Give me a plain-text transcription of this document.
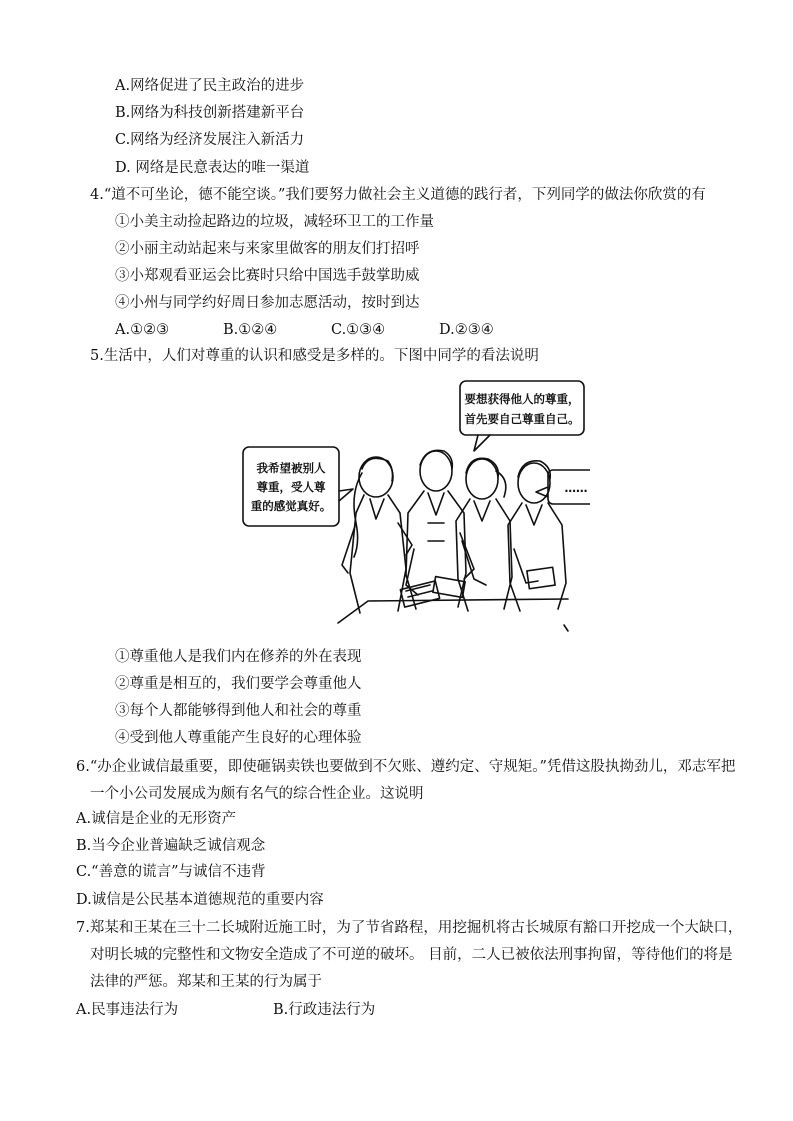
A.网络促进了民主政治的进步
B.网络为科技创新搭建新平台
C.网络为经济发展注入新活力
D. 网络是民意表达的唯一渠道
4.“道不可坐论，德不能空谈。”我们要努力做社会主义道德的践行者，下列同学的做法你欣赏的有
①小美主动捡起路边的垃圾，减轻环卫工的工作量
②小丽主动站起来与来家里做客的朋友们打招呼
③小郑观看亚运会比赛时只给中国选手鼓掌助威
④小州与同学约好周日参加志愿活动，按时到达
A.①②③	B.①②④	C.①③④	D.②③④
5.生活中，人们对尊重的认识和感受是多样的。下图中同学的看法说明
我希望被别人
尊重，受人尊
重的感觉真好。
要想获得他人的尊重，
首先要自己尊重自己。
……
①尊重他人是我们内在修养的外在表现
②尊重是相互的，我们要学会尊重他人
③每个人都能够得到他人和社会的尊重
④受到他人尊重能产生良好的心理体验
6.“办企业诚信最重要，即使砸锅卖铁也要做到不欠账、遵约定、守规矩。”凭借这股执拗劲儿，邓志军把
一个小公司发展成为颇有名气的综合性企业。这说明
A.诚信是企业的无形资产
B.当今企业普遍缺乏诚信观念
C.“善意的谎言”与诚信不违背
D.诚信是公民基本道德规范的重要内容
7.郑某和王某在三十二长城附近施工时，为了节省路程，用挖掘机将古长城原有豁口开挖成一个大缺口，
对明长城的完整性和文物安全造成了不可逆的破坏。 目前，二人已被依法刑事拘留，等待他们的将是
法律的严惩。郑某和王某的行为属于
A.民事违法行为	B.行政违法行为
